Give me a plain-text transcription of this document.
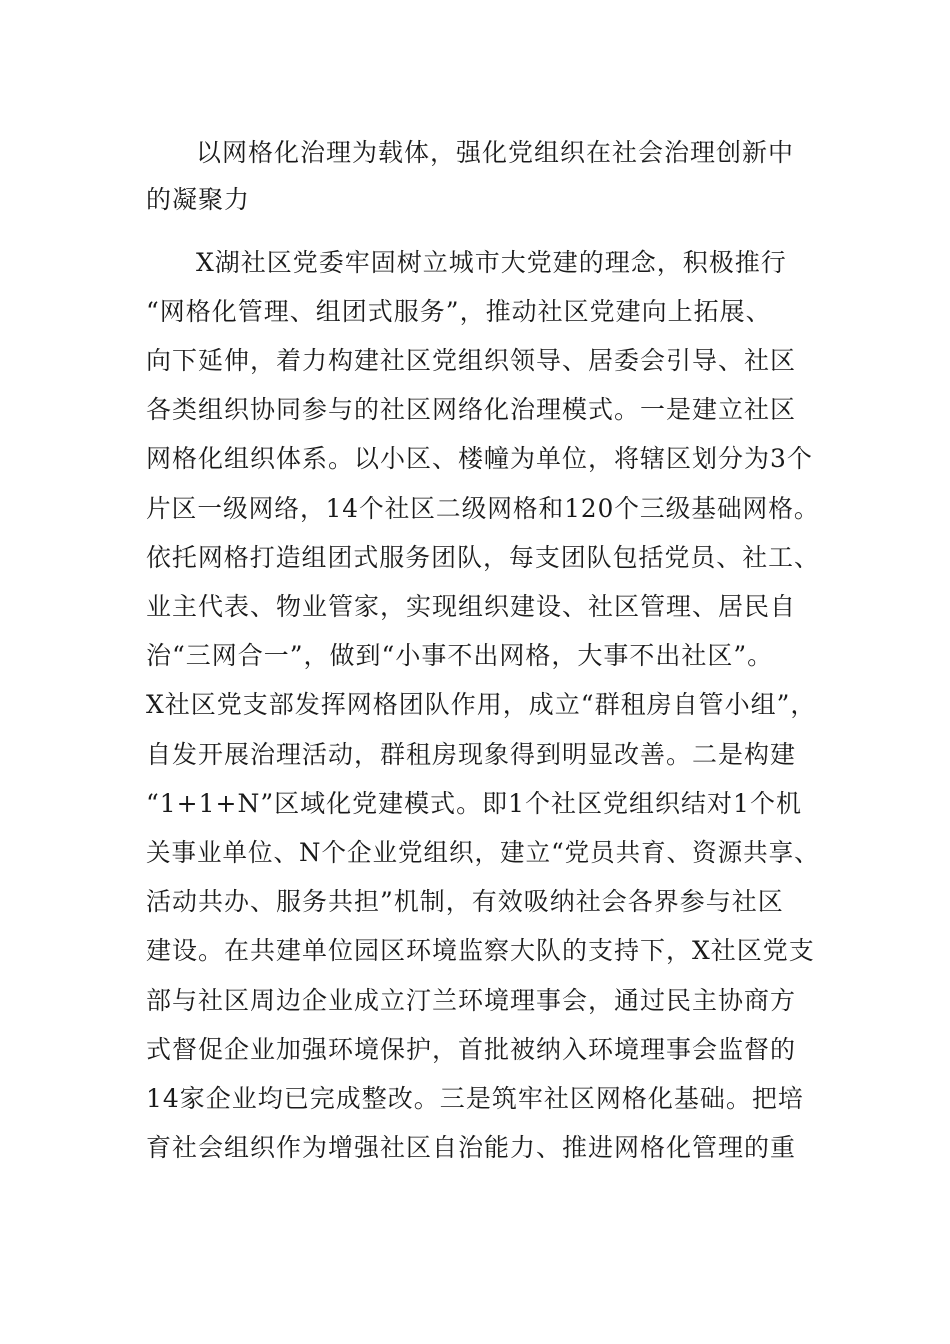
以网格化治理为载体，强化党组织在社会治理创新中
的凝聚力
X湖社区党委牢固树立城市大党建的理念，积极推行
“网格化管理、组团式服务”，推动社区党建向上拓展、
向下延伸，着力构建社区党组织领导、居委会引导、社区
各类组织协同参与的社区网络化治理模式。一是建立社区
网格化组织体系。以小区、楼幢为单位，将辖区划分为3个
片区一级网络，14个社区二级网格和120个三级基础网格。
依托网格打造组团式服务团队，每支团队包括党员、社工、
业主代表、物业管家，实现组织建设、社区管理、居民自
治“三网合一”，做到“小事不出网格，大事不出社区”。
X社区党支部发挥网格团队作用，成立“群租房自管小组”，
自发开展治理活动，群租房现象得到明显改善。二是构建
“1+1+N”区域化党建模式。即1个社区党组织结对1个机
关事业单位、N个企业党组织，建立“党员共育、资源共享、
活动共办、服务共担”机制，有效吸纳社会各界参与社区
建设。在共建单位园区环境监察大队的支持下，X社区党支
部与社区周边企业成立汀兰环境理事会，通过民主协商方
式督促企业加强环境保护，首批被纳入环境理事会监督的
14家企业均已完成整改。三是筑牢社区网格化基础。把培
育社会组织作为增强社区自治能力、推进网格化管理的重
